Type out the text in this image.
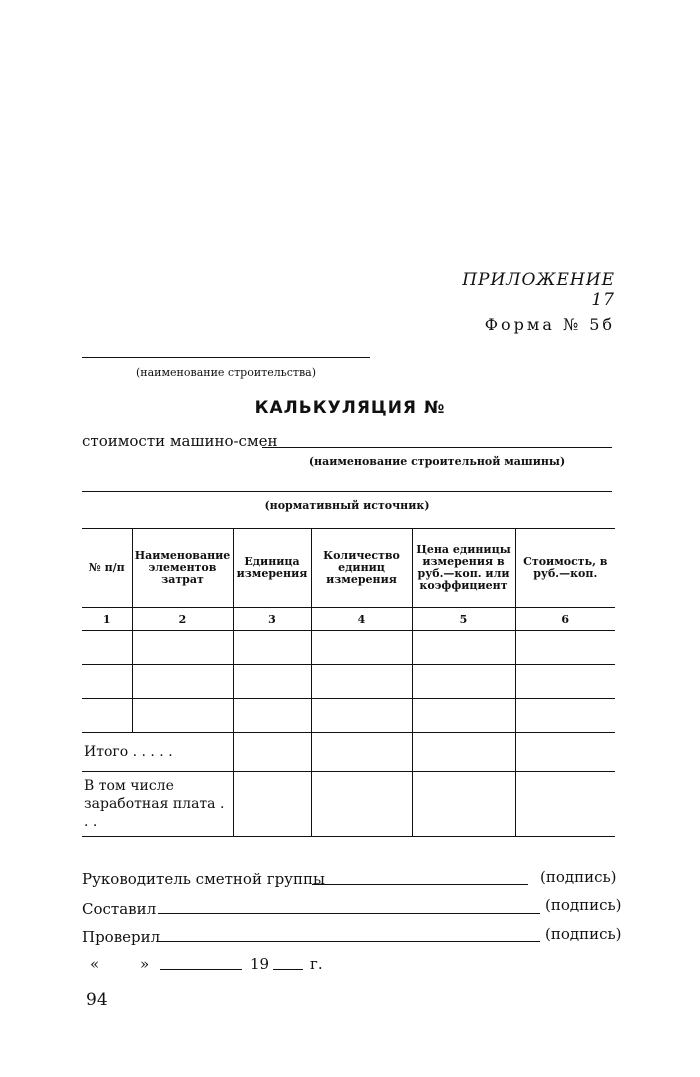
ПРИЛОЖЕНИЕ 17
Форма № 5б
(наименование строительства)
КАЛЬКУЛЯЦИЯ №
стоимости машино-смен
(наименование строительной машины)
(нормативный источник)
№ п/п	Наименование элементов затрат	Единица измерения	Количество единиц измерения	Цена единицы измерения в руб.—коп. или коэффициент	Стоимость, в руб.—коп.
1	2	3	4	5	6

Итого . . . . .					
В том числе заработная плата . . .					
Руководитель сметной группы	(подпись)
Составил	(подпись)
Проверил	(подпись)
«	»	19	г.
94
